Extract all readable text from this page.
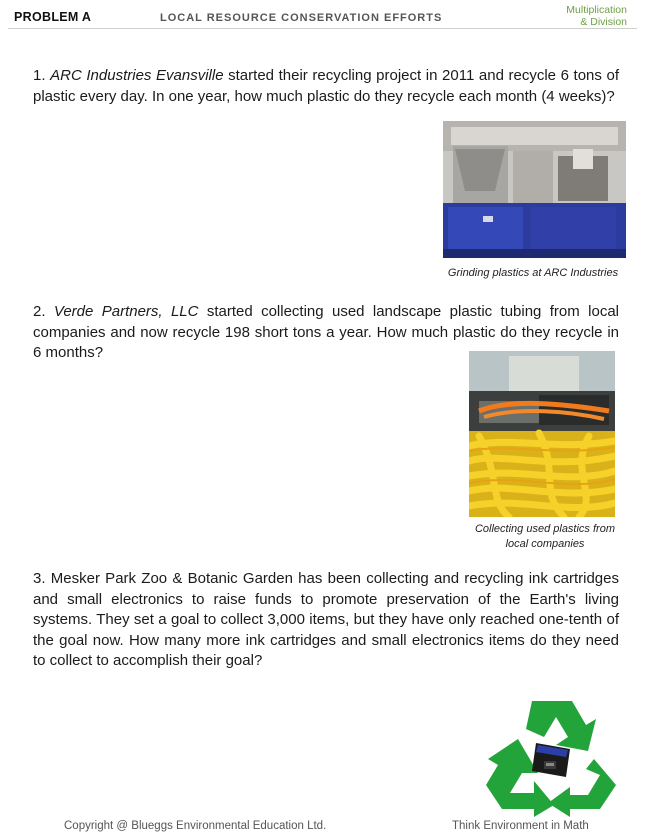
PROBLEM A	LOCAL RESOURCE CONSERVATION EFFORTS
Multiplication
& Division
1. ARC Industries Evansville started their recycling project in 2011 and recycle 6 tons of plastic every day. In one year, how much plastic do they recycle each month (4 weeks)?
Grinding plastics at ARC Industries
2. Verde Partners, LLC started collecting used landscape plastic tubing from local companies and now recycle 198 short tons a year. How much plastic do they recycle in 6 months?
Collecting used plastics from
local companies
3. Mesker Park Zoo & Botanic Garden has been collecting and recycling ink cartridges and small electronics to raise funds to promote preservation of the Earth's living systems. They set a goal to collect 3,000 items, but they have only reached one-tenth of the goal now. How many more ink cartridges and small electronics items do they need to collect to accomplish their goal?
Copyright @ Blueggs Environmental Education Ltd.	Think Environment in Math
